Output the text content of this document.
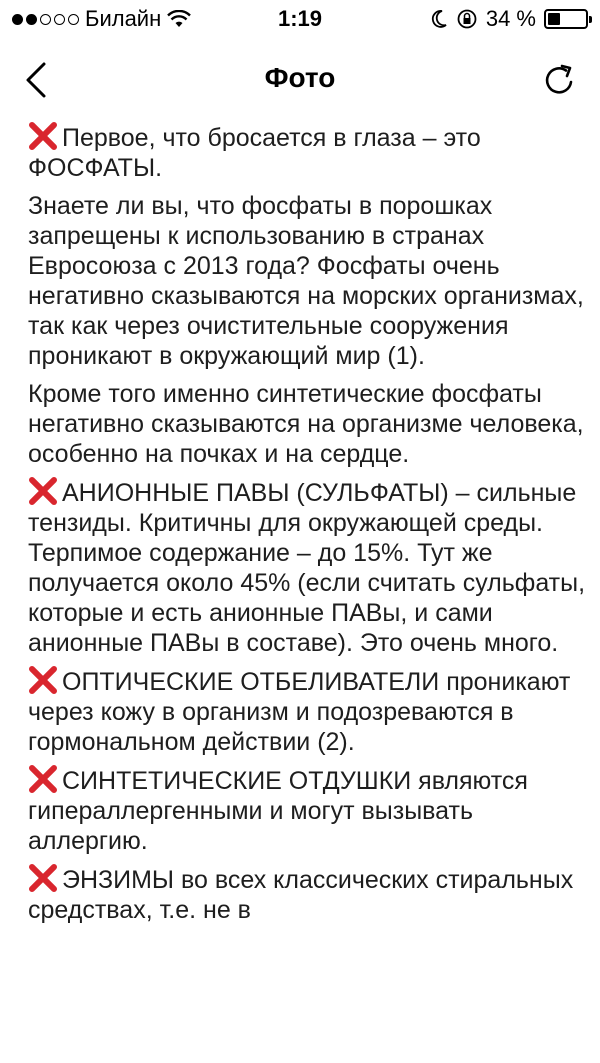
Билайн	1:19	34 %
Фото

Первое, что бросается в глаза – это ФОСФАТЫ.

Знаете ли вы, что фосфаты в порошках запрещены к использованию в странах Евросоюза с 2013 года? Фосфаты очень негативно сказываются на морских организмах, так как через очистительные сооружения проникают в окружающий мир (1).

Кроме того именно синтетические фосфаты негативно сказываются на организме человека, особенно на почках и на сердце.

АНИОННЫЕ ПАВЫ (СУЛЬФАТЫ) – сильные тензиды. Критичны для окружающей среды. Терпимое содержание – до 15%. Тут же получается около 45% (если считать сульфаты, которые и есть анионные ПАВы, и сами анионные ПАВы в составе). Это очень много.

ОПТИЧЕСКИЕ ОТБЕЛИВАТЕЛИ проникают через кожу в организм и подозреваются в гормональном действии (2).

СИНТЕТИЧЕСКИЕ ОТДУШКИ являются гипераллергенными и могут вызывать аллергию.

ЭНЗИМЫ во всех классических стиральных средствах, т.е. не в
